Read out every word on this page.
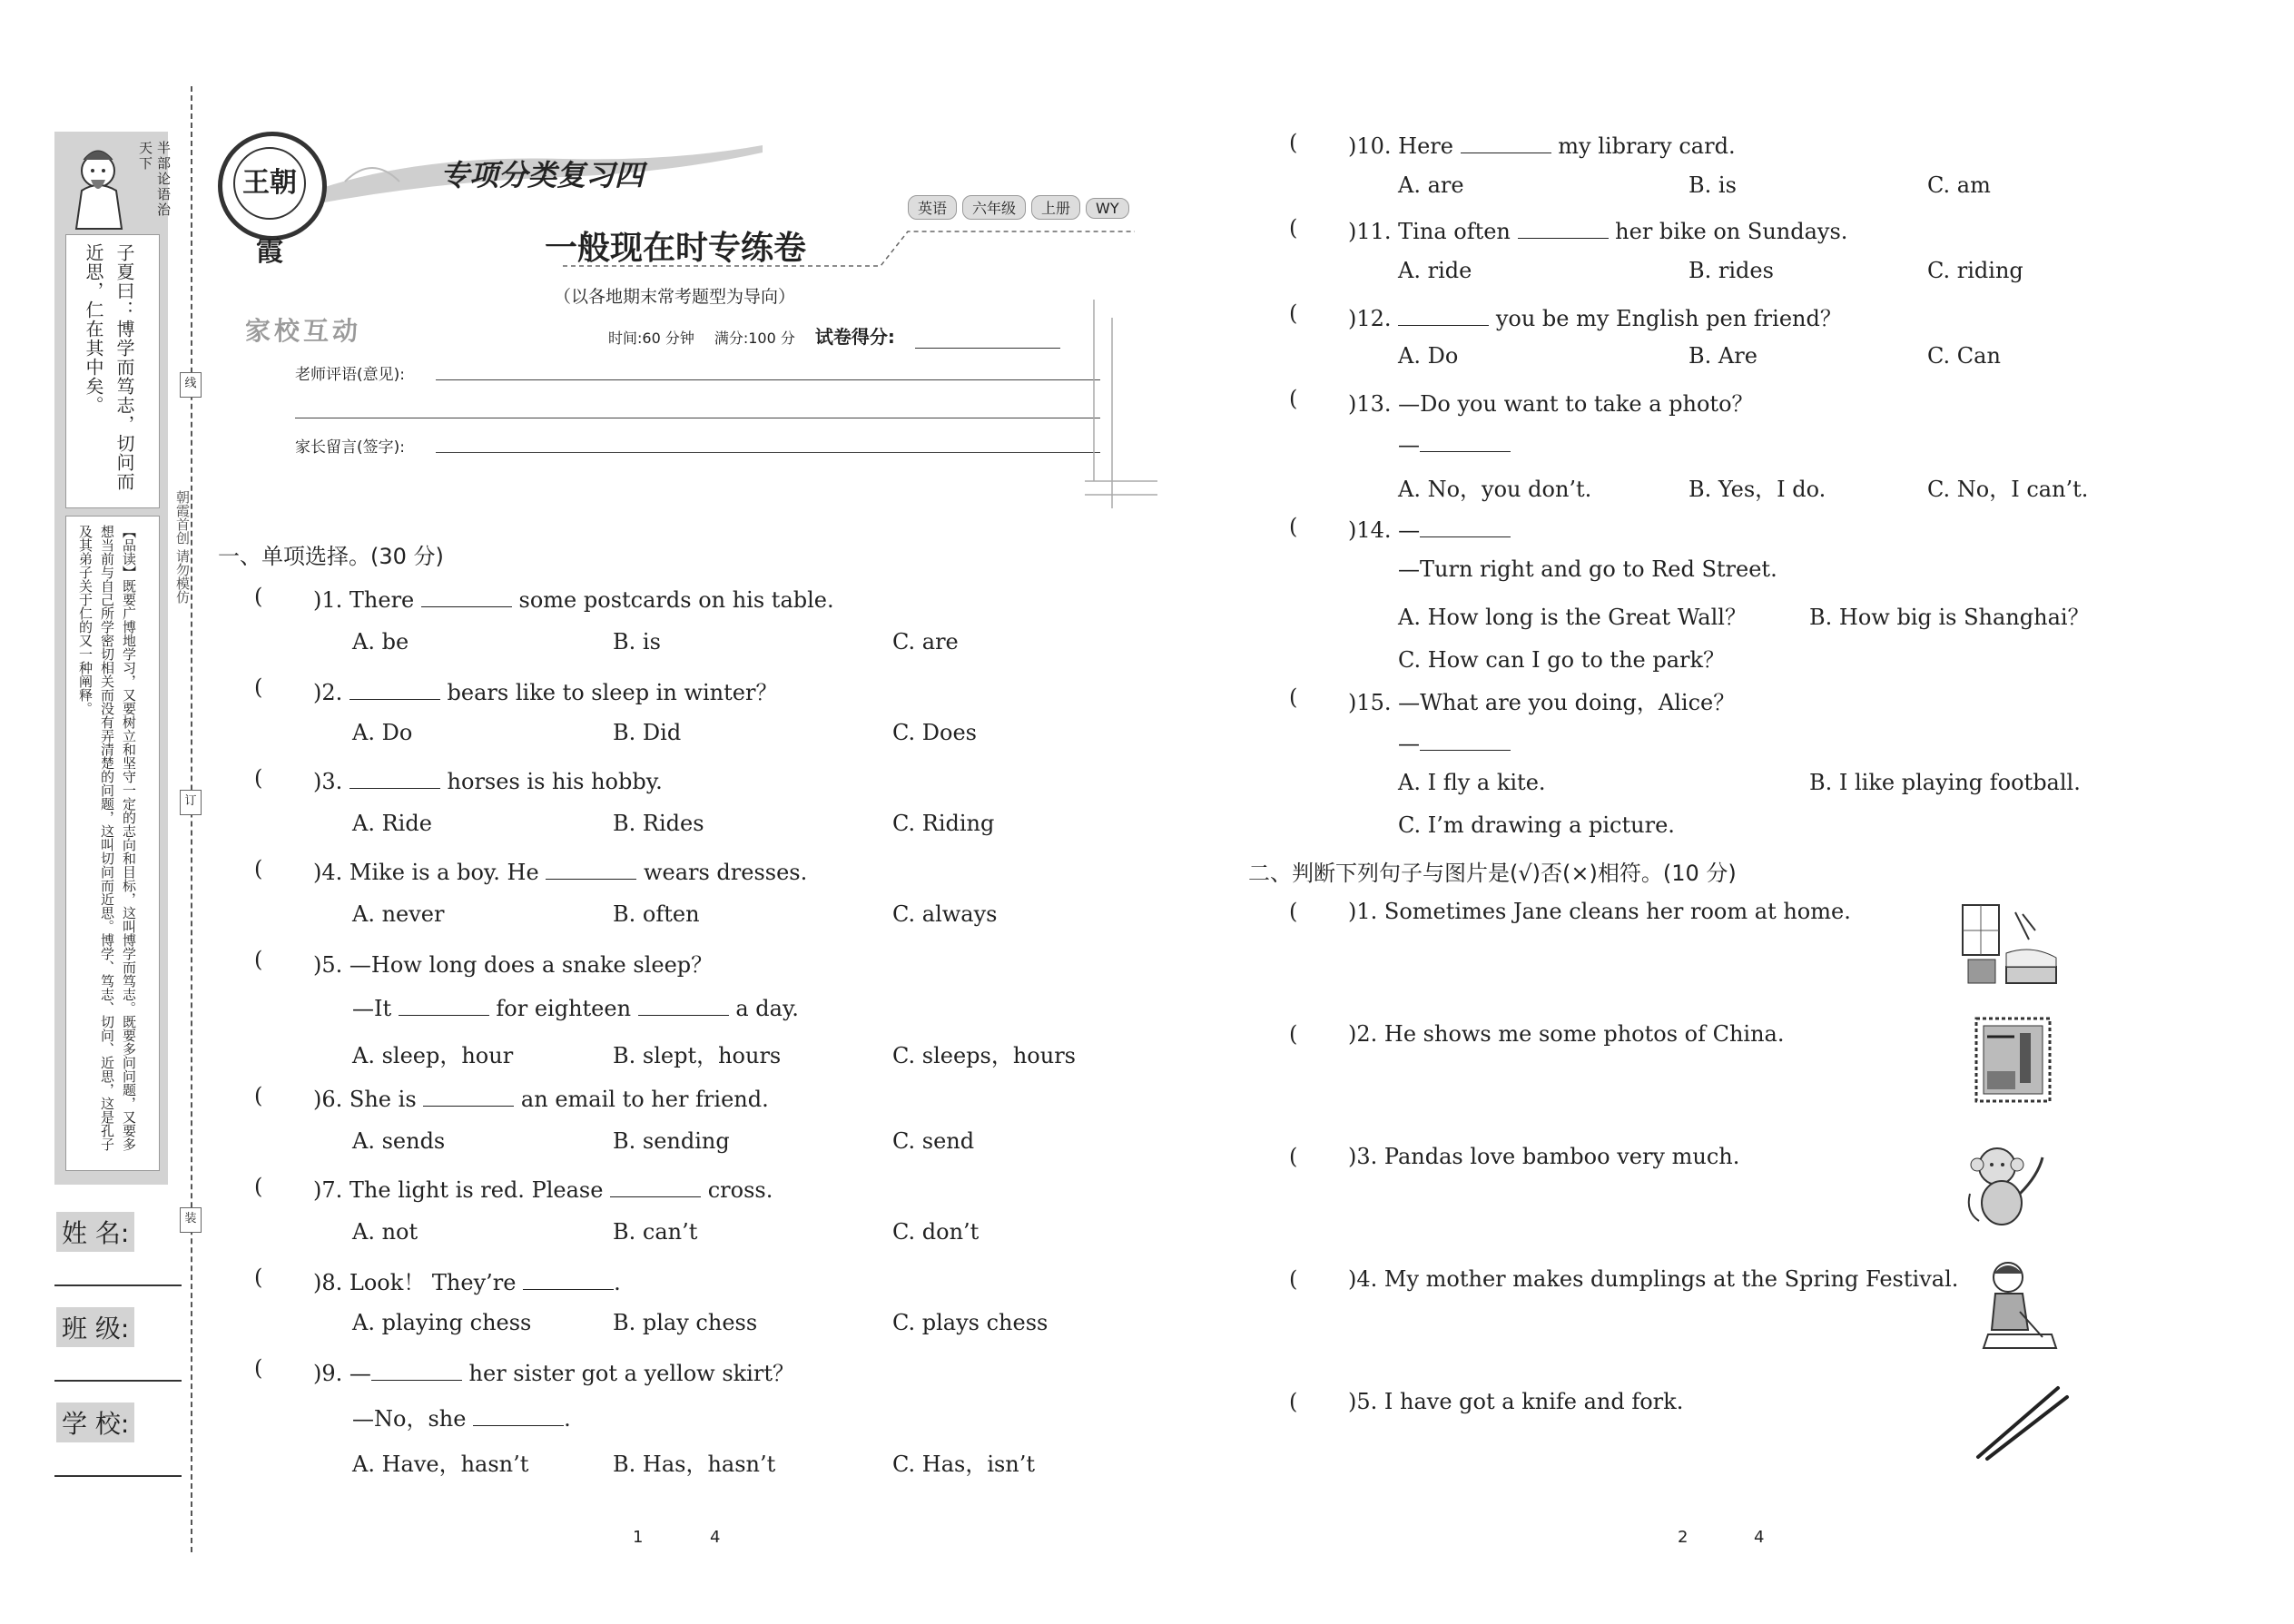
半部论语治天下
子夏曰：博学而笃志，切问而近思，仁在其中矣。
【品读】既要广博地学习，又要树立和坚守一定的志向和目标，这叫博学而笃志。既要多问问题，又要多想当前与自己所学密切相关而没有弄清楚的问题，这叫切问而近思。博学、笃志、切问、近思，这是孔子及其弟子关于仁的又一种阐释。	朝霞首创 请勿模仿
姓 名:
班 级:
学 校:
线
订
装
王朝霞
专项分类复习四
英语 六年级 上册 WY
一般现在时专练卷
（以各地期末常考题型为导向）
家校互动	时间:60 分钟 满分:100 分 试卷得分:
老师评语(意见):
家长留言(签字):
一、单项选择。(30 分)
( )1. There	some postcards on his table.
A. be	B. is	C. are
( )2.	bears like to sleep in winter？
A. Do	B. Did	C. Does
( )3.	horses is his hobby.
A. Ride	B. Rides	C. Riding
( )4. Mike is a boy. He	wears dresses.
A. never	B. often	C. always
( )5. —How long does a snake sleep？
—It	for eighteen	a day.
A. sleep，hour	B. slept，hours	C. sleeps，hours
( )6. She is	an email to her friend.
A. sends	B. sending	C. send
( )7. The light is red. Please	cross.
A. not	B. can’t	C. don’t
( )8. Look！ They’re	.
A. playing chess	B. play chess	C. plays chess
( )9. —	her sister got a yellow skirt？
—No，she	.
A. Have，hasn’t	B. Has，hasn’t	C. Has，isn’t
1	4
( )10. Here	my library card.
A. are	B. is	C. am
( )11. Tina often	her bike on Sundays.
A. ride	B. rides	C. riding
( )12.	you be my English pen friend？
A. Do	B. Are	C. Can
( )13. —Do you want to take a photo？
—
A. No，you don’t.	B. Yes，I do.	C. No，I can’t.
( )14. —
—Turn right and go to Red Street.
A. How long is the Great Wall？	B. How big is Shanghai？
C. How can I go to the park？
( )15. —What are you doing，Alice？
—
A. I fly a kite.	B. I like playing football.
C. I’m drawing a picture.
二、判断下列句子与图片是(√)否(×)相符。(10 分)
( )1. Sometimes Jane cleans her room at home.
( )2. He shows me some photos of China.
( )3. Pandas love bamboo very much.
( )4. My mother makes dumplings at the Spring Festival.
( )5. I have got a knife and fork.
2	4
